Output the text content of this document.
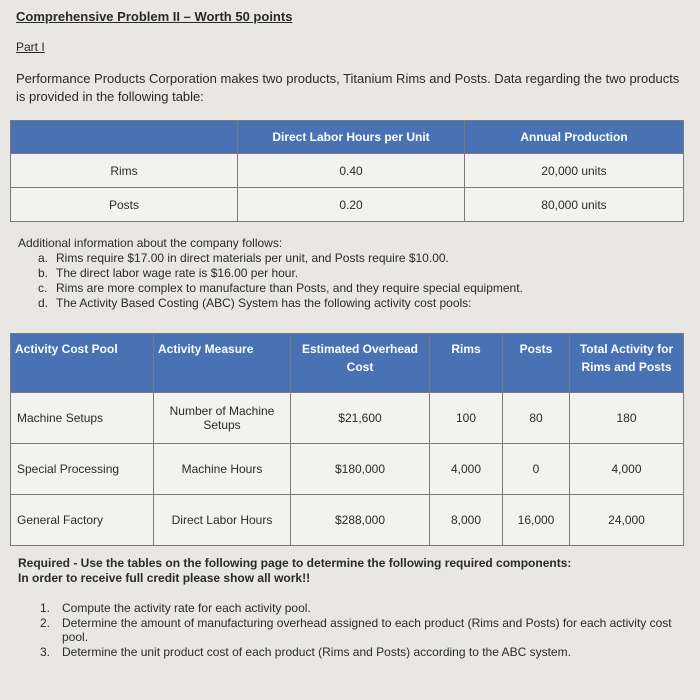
Comprehensive Problem II – Worth 50 points
Part I
Performance Products Corporation makes two products, Titanium Rims and Posts. Data regarding the two products is provided in the following table:
	Direct Labor Hours per Unit	Annual Production
Rims	0.40	20,000 units
Posts	0.20	80,000 units
Additional information about the company follows:
a. Rims require $17.00 in direct materials per unit, and Posts require $10.00.
b. The direct labor wage rate is $16.00 per hour.
c. Rims are more complex to manufacture than Posts, and they require special equipment.
d. The Activity Based Costing (ABC) System has the following activity cost pools:
Activity Cost Pool	Activity Measure	Estimated Overhead Cost	Rims	Posts	Total Activity for Rims and Posts
Machine Setups	Number of Machine Setups	$21,600	100	80	180
Special Processing	Machine Hours	$180,000	4,000	0	4,000
General Factory	Direct Labor Hours	$288,000	8,000	16,000	24,000
Required - Use the tables on the following page to determine the following required components:
In order to receive full credit please show all work!!
1. Compute the activity rate for each activity pool.
2. Determine the amount of manufacturing overhead assigned to each product (Rims and Posts) for each activity cost pool.
3. Determine the unit product cost of each product (Rims and Posts) according to the ABC system.
